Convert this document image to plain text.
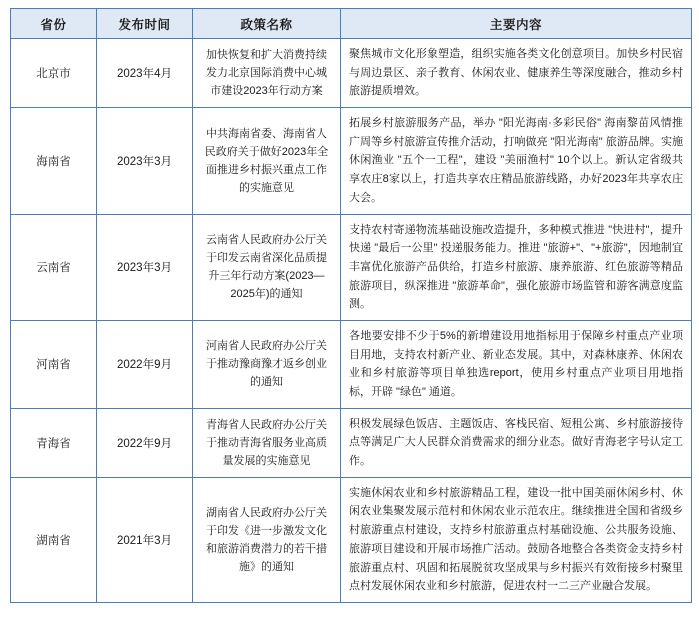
省份	发布时间	政策名称	主要内容
北京市	2023年4月	加快恢复和扩大消费持续发力北京国际消费中心城市建设2023年行动方案	聚焦城市文化形象塑造，组织实施各类文化创意项目。加快乡村民宿与周边景区、亲子教育、休闲农业、健康养生等深度融合，推动乡村旅游提质增效。
海南省	2023年3月	中共海南省委、海南省人民政府关于做好2023年全面推进乡村振兴重点工作的实施意见	拓展乡村旅游服务产品，举办 "阳光海南·多彩民俗" 海南黎苗风情推广周等乡村旅游宣传推介活动，打响做亮 "阳光海南" 旅游品牌。实施休闲渔业 "五个一工程"，建设 "美丽渔村" 10个以上。新认定省级共享农庄8家以上，打造共享农庄精品旅游线路，办好2023年共享农庄大会。
云南省	2023年3月	云南省人民政府办公厅关于印发云南省深化品质提升三年行动方案(2023—2025年)的通知	支持农村寄递物流基础设施改造提升，多种模式推进 "快进村"，提升快递 "最后一公里" 投递服务能力。推进 "旅游+"、"+旅游"，因地制宜丰富优化旅游产品供给，打造乡村旅游、康养旅游、红色旅游等精品旅游项目，纵深推进 "旅游革命"，强化旅游市场监管和游客满意度监测。
河南省	2022年9月	河南省人民政府办公厅关于推动豫商豫才返乡创业的通知	各地要安排不少于5%的新增建设用地指标用于保障乡村重点产业项目用地，支持农村新产业、新业态发展。其中，对森林康养、休闲农业和乡村旅游等项目单独选report，使用乡村重点产业项目用地指标，开辟 "绿色" 通道。
青海省	2022年9月	青海省人民政府办公厅关于推动青海省服务业高质量发展的实施意见	积极发展绿色饭店、主题饭店、客栈民宿、短租公寓、乡村旅游接待点等满足广大人民群众消费需求的细分业态。做好青海老字号认定工作。
湖南省	2021年3月	湖南省人民政府办公厅关于印发《进一步激发文化和旅游消费潜力的若干措施》的通知	实施休闲农业和乡村旅游精品工程，建设一批中国美丽休闲乡村、休闲农业集聚发展示范村和休闲农业示范农庄。继续推进全国和省级乡村旅游重点村建设，支持乡村旅游重点村基础设施、公共服务设施、旅游项目建设和开展市场推广活动。鼓励各地整合各类资金支持乡村旅游重点村、巩固和拓展脱贫攻坚成果与乡村振兴有效衔接乡村聚里点村发展休闲农业和乡村旅游，促进农村一二三产业融合发展。
